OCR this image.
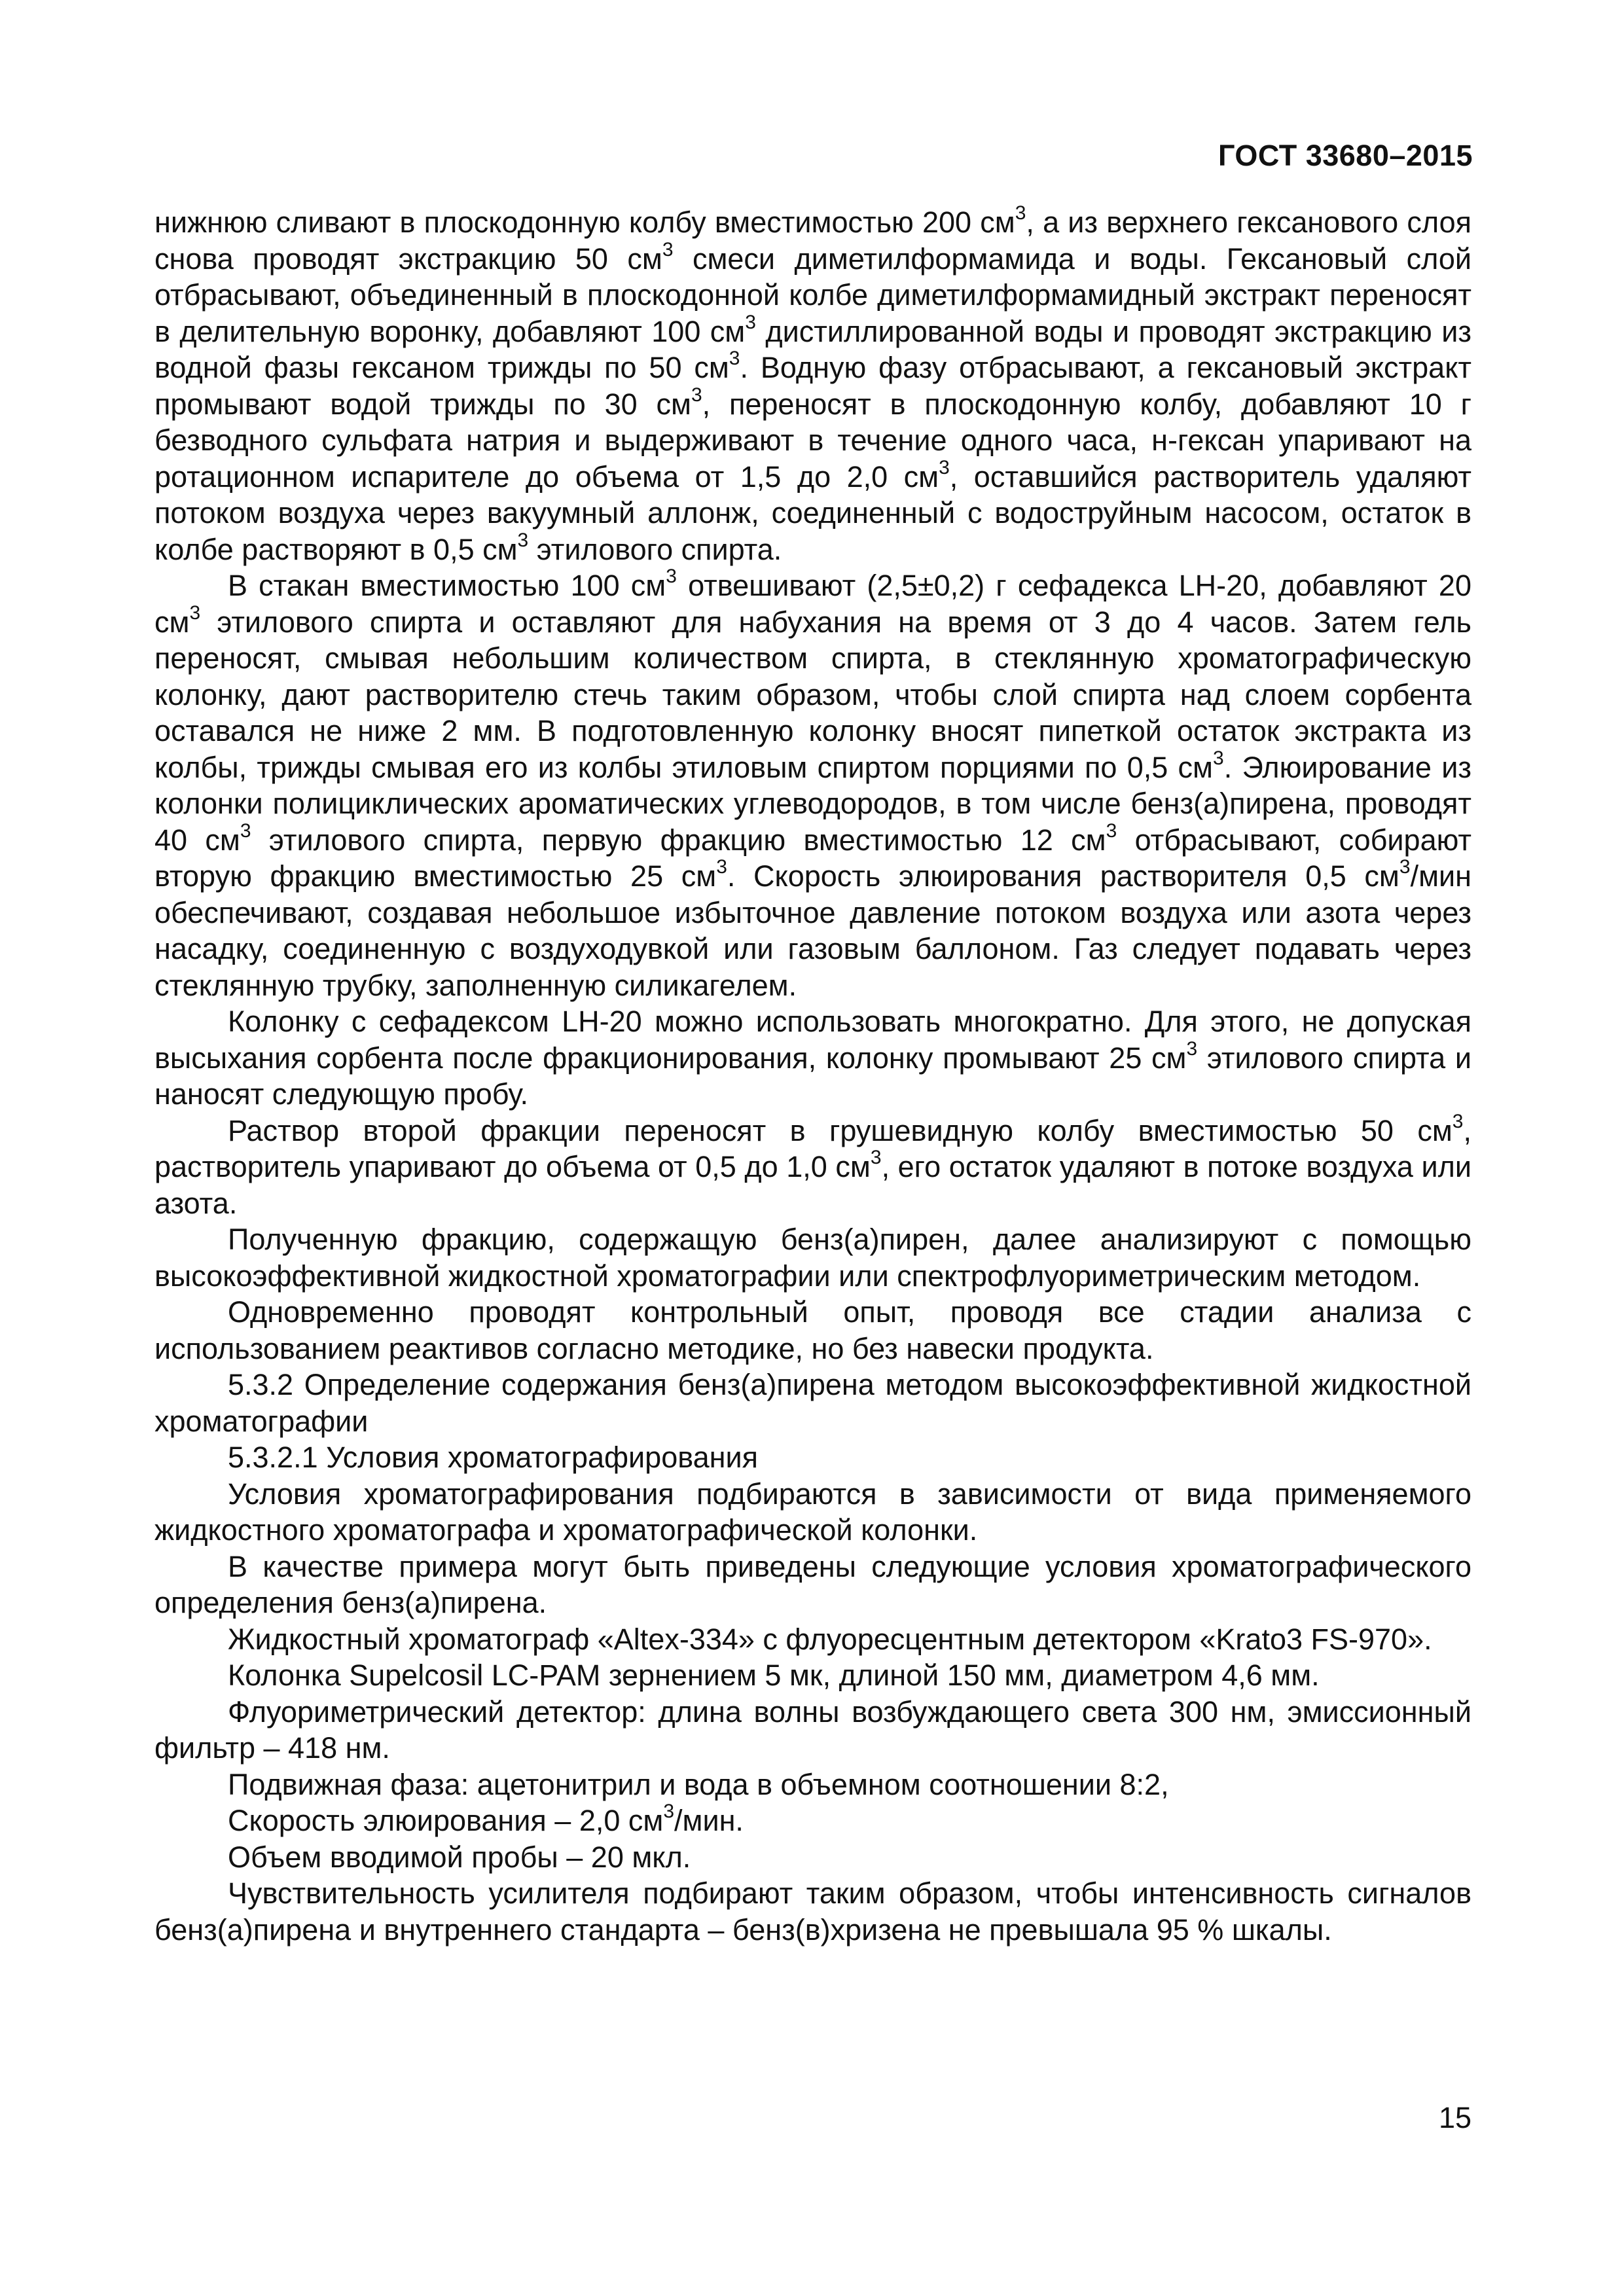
ГОСТ 33680–2015

нижнюю сливают в плоскодонную колбу вместимостью 200 $см^3$, а из верхнего гексанового слоя снова проводят экстракцию 50 $см^3$ смеси диметилформамида и воды. Гексановый слой отбрасывают, объединенный в плоскодонной колбе диметилформамидный экстракт переносят в делительную воронку, добавляют 100 $см^3$ дистиллированной воды и проводят экстракцию из водной фазы гексаном трижды по 50 $см^3$. Водную фазу отбрасывают, а гексановый экстракт промывают водой трижды по 30 $см^3$, переносят в плоскодонную колбу, добавляют 10 г безводного сульфата натрия и выдерживают в течение одного часа, н-гексан упаривают на ротационном испарителе до объема от 1,5 до 2,0 $см^3$, оставшийся растворитель удаляют потоком воздуха через вакуумный аллонж, соединенный с водоструйным насосом, остаток в колбе растворяют в 0,5 $см^3$ этилового спирта.

В стакан вместимостью 100 $см^3$ отвешивают (2,5±0,2) г сефадекса LH-20, добавляют 20 $см^3$ этилового спирта и оставляют для набухания на время от 3 до 4 часов. Затем гель переносят, смывая небольшим количеством спирта, в стеклянную хроматографическую колонку, дают растворителю стечь таким образом, чтобы слой спирта над слоем сорбента оставался не ниже 2 мм. В подготовленную колонку вносят пипеткой остаток экстракта из колбы, трижды смывая его из колбы этиловым спиртом порциями по 0,5 $см^3$. Элюирование из колонки полициклических ароматических углеводородов, в том числе бенз(а)пирена, проводят 40 $см^3$ этилового спирта, первую фракцию вместимостью 12 $см^3$ отбрасывают, собирают вторую фракцию вместимостью 25 $см^3$. Скорость элюирования растворителя 0,5 $см^3$/мин обеспечивают, создавая небольшое избыточное давление потоком воздуха или азота через насадку, соединенную с воздуходувкой или газовым баллоном. Газ следует подавать через стеклянную трубку, заполненную силикагелем.

Колонку с сефадексом LH-20 можно использовать многократно. Для этого, не допуская высыхания сорбента после фракционирования, колонку промывают 25 $см^3$ этилового спирта и наносят следующую пробу.

Раствор второй фракции переносят в грушевидную колбу вместимостью 50 $см^3$, растворитель упаривают до объема от 0,5 до 1,0 $см^3$, его остаток удаляют в потоке воздуха или азота.

Полученную фракцию, содержащую бенз(а)пирен, далее анализируют с помощью высокоэффективной жидкостной хроматографии или спектрофлуориметрическим методом.

Одновременно проводят контрольный опыт, проводя все стадии анализа с использованием реактивов согласно методике, но без навески продукта.

5.3.2 Определение содержания бенз(а)пирена методом высокоэффективной жидкостной хроматографии

5.3.2.1 Условия хроматографирования

Условия хроматографирования подбираются в зависимости от вида применяемого жидкостного хроматографа и хроматографической колонки.

В качестве примера могут быть приведены следующие условия хроматографического определения бенз(а)пирена.

Жидкостный хроматограф «Altex-334» с флуоресцентным детектором «Krato3 FS-970».

Колонка Supelcosil LC-PAM зернением 5 мк, длиной 150 мм, диаметром 4,6 мм.

Флуориметрический детектор: длина волны возбуждающего света 300 нм, эмиссионный фильтр – 418 нм.

Подвижная фаза: ацетонитрил и вода в объемном соотношении 8:2,

Скорость элюирования – 2,0 $см^3$/мин.

Объем вводимой пробы – 20 мкл.

Чувствительность усилителя подбирают таким образом, чтобы интенсивность сигналов бенз(а)пирена и внутреннего стандарта – бенз(в)хризена не превышала 95 % шкалы.

15
